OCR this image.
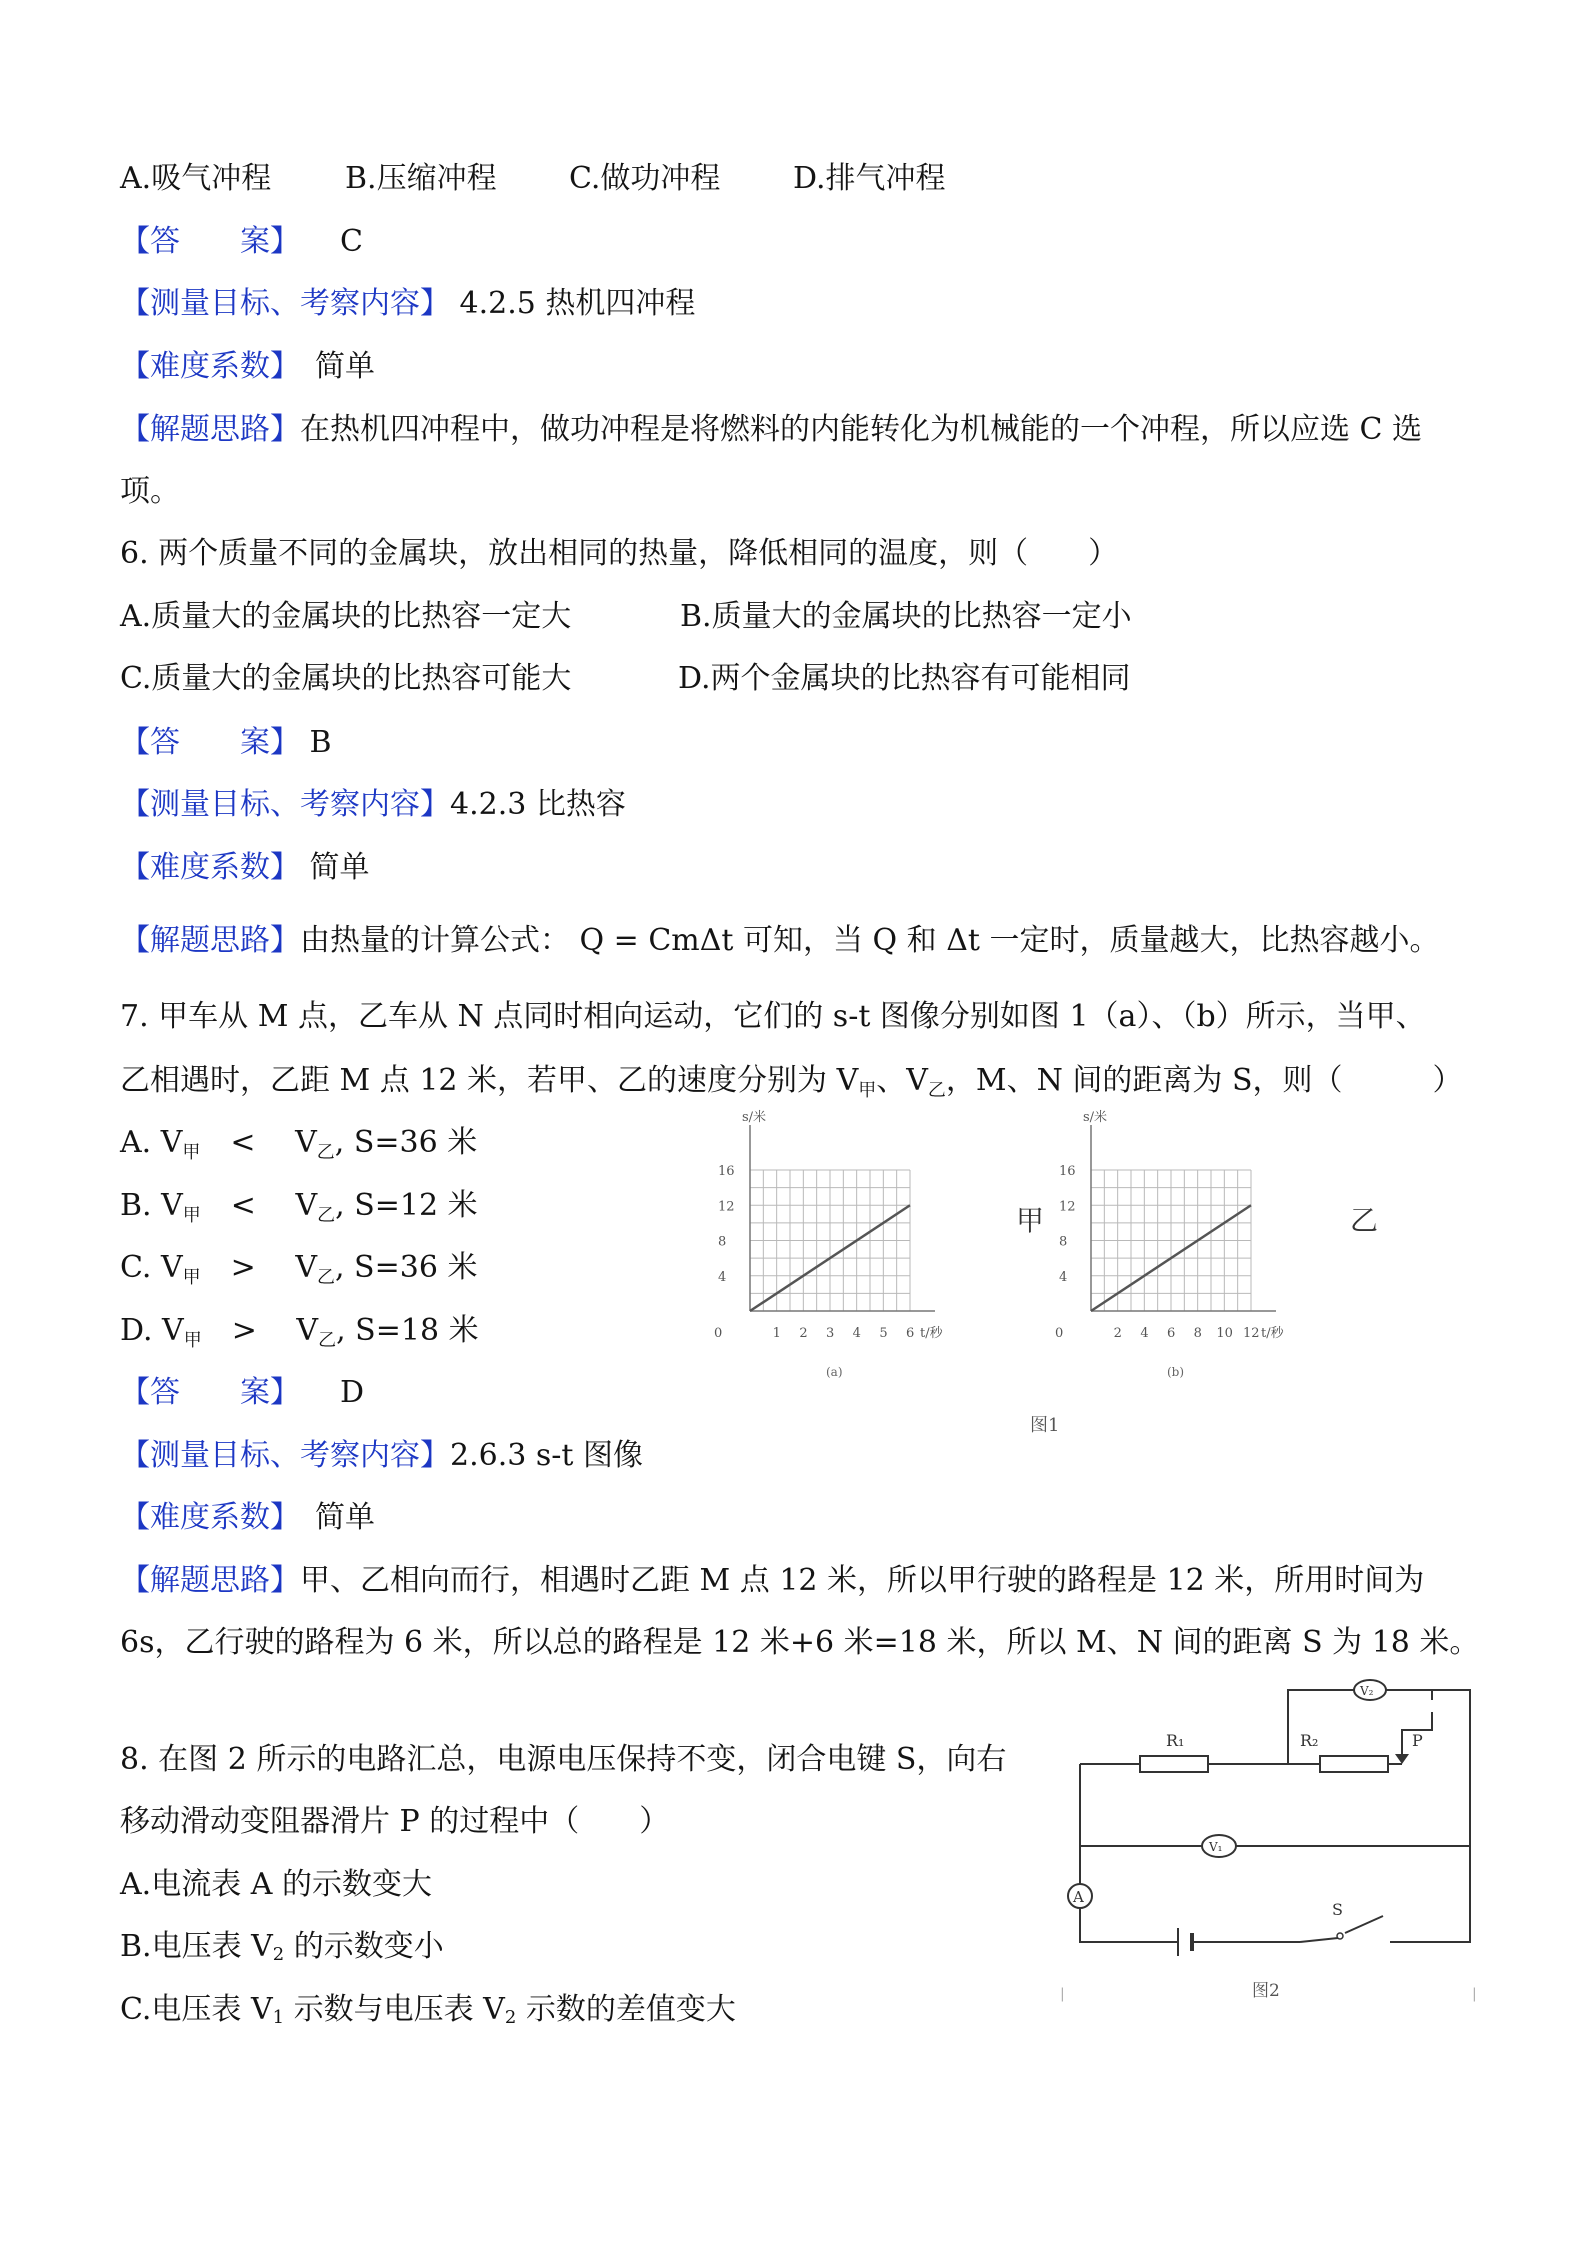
A.吸气冲程 B.压缩冲程 C.做功冲程 D.排气冲程
【答　　案】 C
【测量目标、考察内容】 4.2.5 热机四冲程
【难度系数】　 简单
【解题思路】在热机四冲程中，做功冲程是将燃料的内能转化为机械能的一个冲程，所以应选 C 选
项。
6. 两个质量不同的金属块，放出相同的热量，降低相同的温度，则（　　）
A.质量大的金属块的比热容一定大	B.质量大的金属块的比热容一定小
C.质量大的金属块的比热容可能大	D.两个金属块的比热容有可能相同
【答　　案】 B
【测量目标、考察内容】4.2.3 比热容
【难度系数】 简单
【解题思路】由热量的计算公式： Q = CmΔt 可知，当 Q 和 Δt 一定时，质量越大，比热容越小。
7. 甲车从 M 点，乙车从 N 点同时相向运动，它们的 s-t 图像分别如图 1（a）、（b）所示，当甲、
乙相遇时，乙距 M 点 12 米，若甲、乙的速度分别为 $V_甲$、$V_乙$，M、N 间的距离为 S，则（　　　）
A. $V_甲$　 <　 $V_乙$, S=36 米
B. $V_甲$　 <　 $V_乙$, S=12 米
C. $V_甲$　 >　 $V_乙$, S=36 米
D. $V_甲$　 >　 $V_乙$, S=18 米
【答　　案】 D
【测量目标、考察内容】2.6.3 s-t 图像
【难度系数】　 简单
【解题思路】甲、乙相向而行，相遇时乙距 M 点 12 米，所以甲行驶的路程是 12 米，所用时间为
6s，乙行驶的路程为 6 米，所以总的路程是 12 米+6 米=18 米，所以 M、N 间的距离 S 为 18 米。
s/米
t/秒
0
4
8
12
16
1 2 3 4 5 6
甲
(a)
s/米
t/秒
0
4
8
12
16
2 4 6 8 10 12
乙
(b)
图1
8. 在图 2 所示的电路汇总，电源电压保持不变，闭合电键 S，向右
移动滑动变阻器滑片 P 的过程中（　　）
A.电流表 A 的示数变大
B.电压表 V2 的示数变小
C.电压表 V1 示数与电压表 V2 示数的差值变大
R₁	R₂	P
V₂
V₁
A
S
图2
|	|
